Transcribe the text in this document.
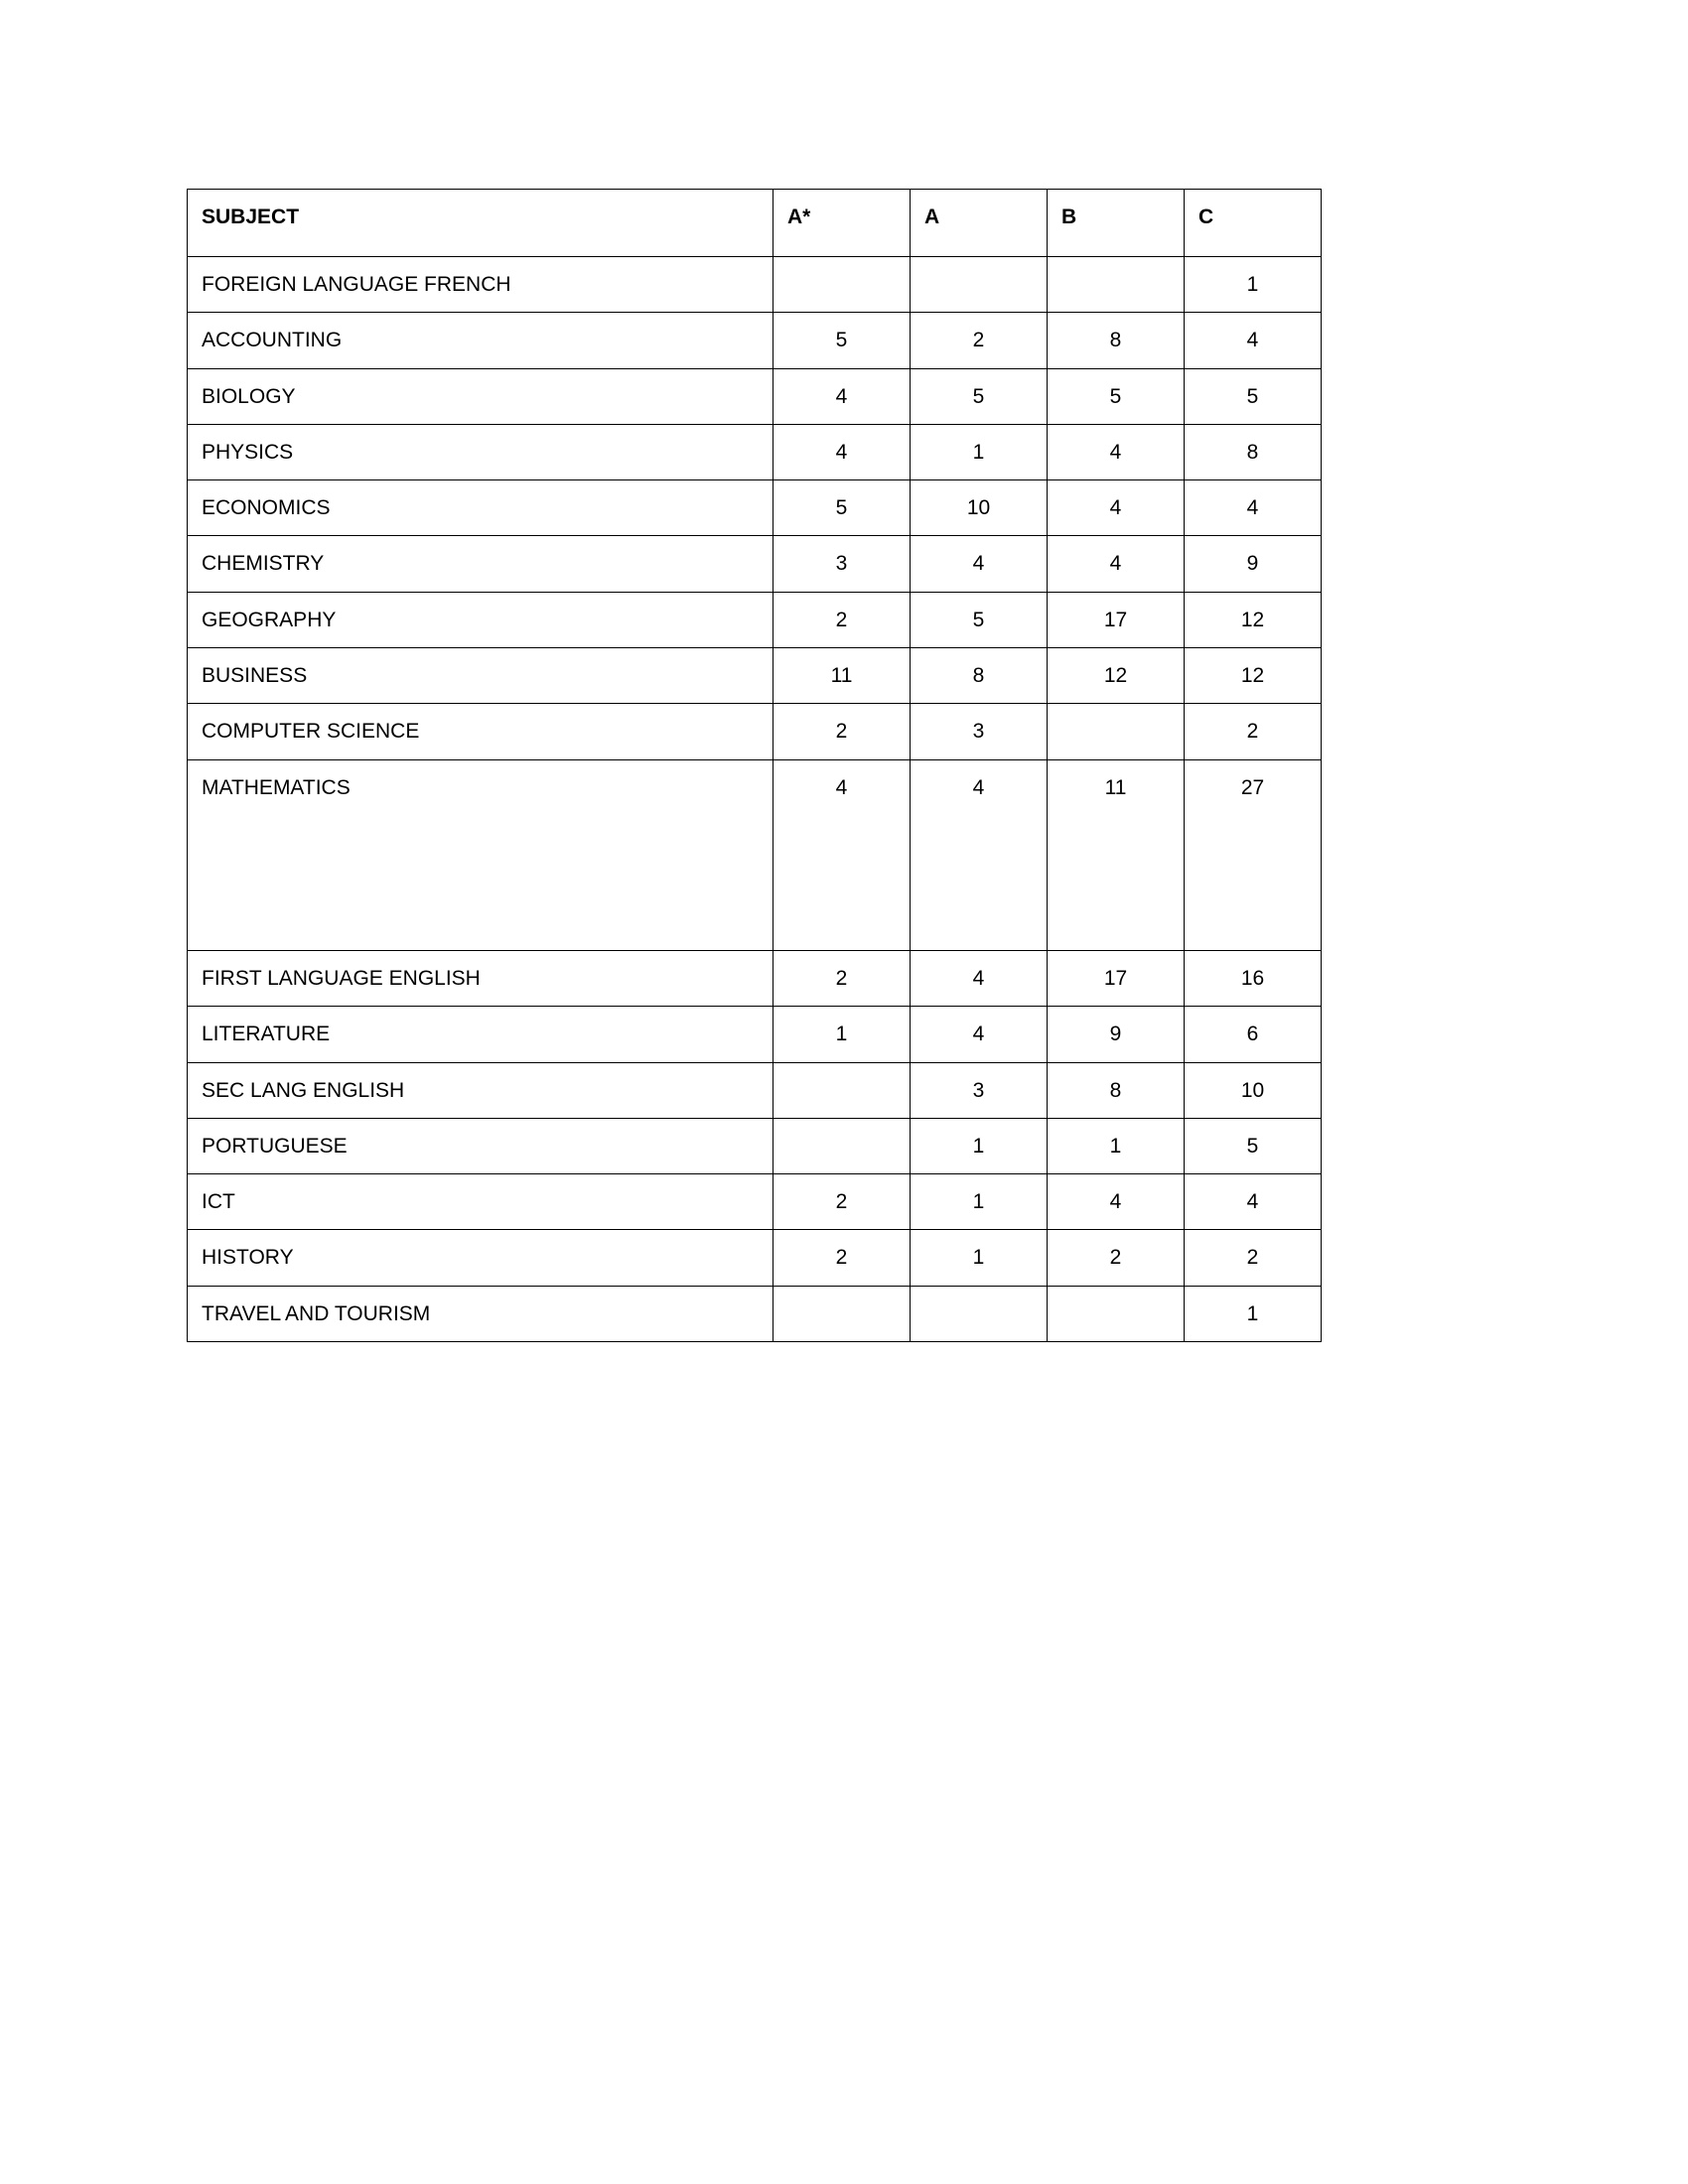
SUBJECT	A*	A	B	C
FOREIGN LANGUAGE FRENCH				1
ACCOUNTING	5	2	8	4
BIOLOGY	4	5	5	5
PHYSICS	4	1	4	8
ECONOMICS	5	10	4	4
CHEMISTRY	3	4	4	9
GEOGRAPHY	2	5	17	12
BUSINESS	11	8	12	12
COMPUTER SCIENCE	2	3		2
MATHEMATICS	4	4	11	27
FIRST LANGUAGE ENGLISH	2	4	17	16
LITERATURE	1	4	9	6
SEC LANG ENGLISH		3	8	10
PORTUGUESE		1	1	5
ICT	2	1	4	4
HISTORY	2	1	2	2
TRAVEL AND TOURISM				1
